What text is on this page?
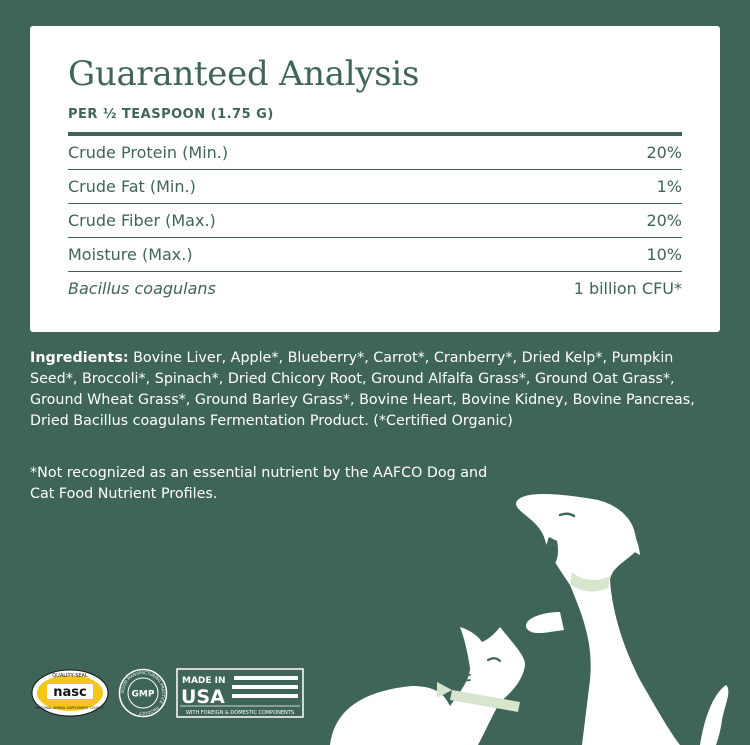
Guaranteed Analysis
PER ½ TEASPOON (1.75 G)
Crude Protein (Min.)	20%
Crude Fat (Min.)	1%
Crude Fiber (Max.)	20%
Moisture (Max.)	10%
Bacillus coagulans	1 billion CFU*
Ingredients: Bovine Liver, Apple*, Blueberry*, Carrot*, Cranberry*, Dried Kelp*, Pumpkin Seed*, Broccoli*, Spinach*, Dried Chicory Root, Ground Alfalfa Grass*, Ground Oat Grass*, Ground Wheat Grass*, Ground Barley Grass*, Bovine Heart, Bovine Kidney, Bovine Pancreas, Dried Bacillus coagulans Fermentation Product. (*Certified Organic)
*Not recognized as an essential nutrient by the AAFCO Dog and Cat Food Nutrient Profiles.
QUALITY SEAL
nasc
NATIONAL ANIMAL SUPPLEMENT COUNCIL
GOOD MANUFACTURING PRACTICE · PRODUCT ·
GMP
MADE IN
USA
WITH FOREIGN & DOMESTIC COMPONENTS
